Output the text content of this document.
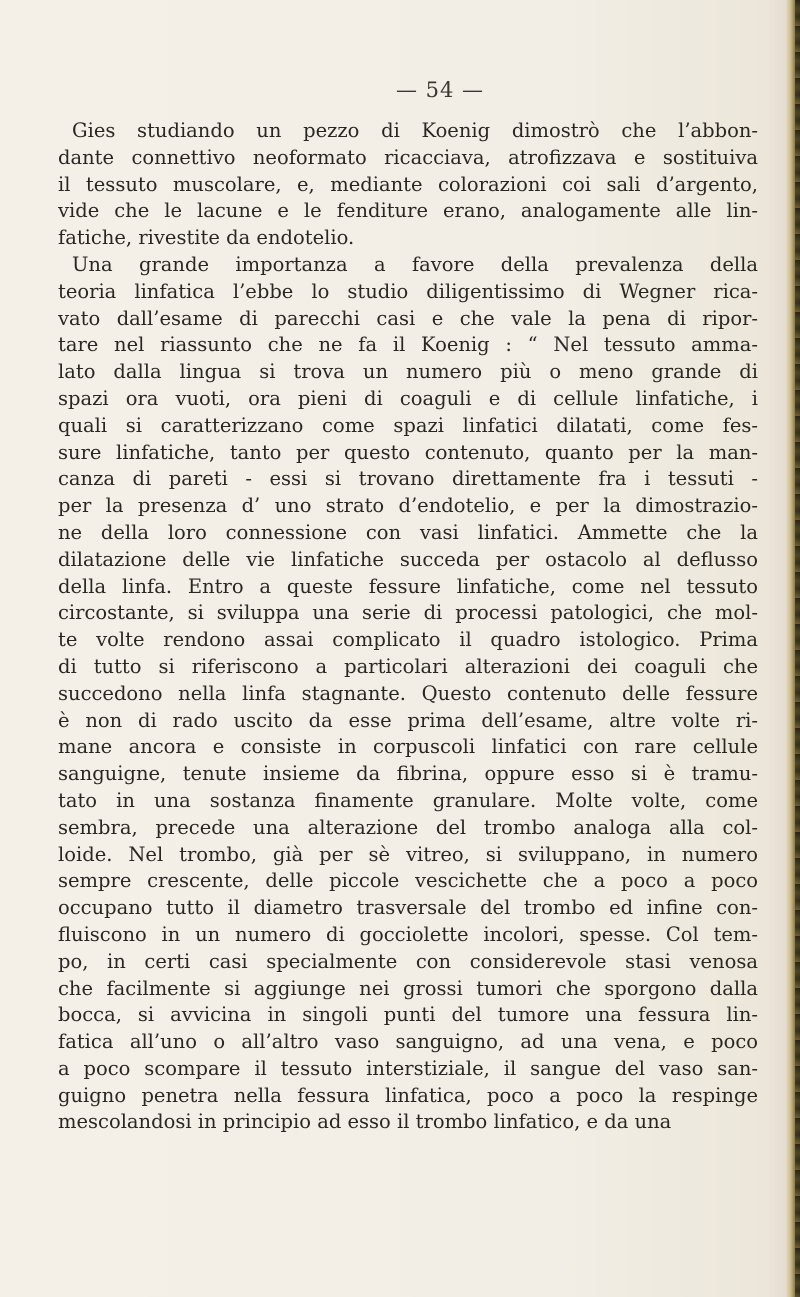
— 54 —
Gies studiando un pezzo di Koenig dimostrò che l’abbon-
dante connettivo neoformato ricacciava, atrofizzava e sostituiva
il tessuto muscolare, e, mediante colorazioni coi sali d’argento,
vide che le lacune e le fenditure erano, analogamente alle lin-
fatiche, rivestite da endotelio.
Una grande importanza a favore della prevalenza della
teoria linfatica l’ebbe lo studio diligentissimo di Wegner rica-
vato dall’esame di parecchi casi e che vale la pena di ripor-
tare nel riassunto che ne fa il Koenig : “ Nel tessuto amma-
lato dalla lingua si trova un numero più o meno grande di
spazi ora vuoti, ora pieni di coaguli e di cellule linfatiche, i
quali si caratterizzano come spazi linfatici dilatati, come fes-
sure linfatiche, tanto per questo contenuto, quanto per la man-
canza di pareti - essi si trovano direttamente fra i tessuti -
per la presenza d’ uno strato d’endotelio, e per la dimostrazio-
ne della loro connessione con vasi linfatici. Ammette che la
dilatazione delle vie linfatiche succeda per ostacolo al deflusso
della linfa. Entro a queste fessure linfatiche, come nel tessuto
circostante, si sviluppa una serie di processi patologici, che mol-
te volte rendono assai complicato il quadro istologico. Prima
di tutto si riferiscono a particolari alterazioni dei coaguli che
succedono nella linfa stagnante. Questo contenuto delle fessure
è non di rado uscito da esse prima dell’esame, altre volte ri-
mane ancora e consiste in corpuscoli linfatici con rare cellule
sanguigne, tenute insieme da fibrina, oppure esso si è tramu-
tato in una sostanza finamente granulare. Molte volte, come
sembra, precede una alterazione del trombo analoga alla col-
loide. Nel trombo, già per sè vitreo, si sviluppano, in numero
sempre crescente, delle piccole vescichette che a poco a poco
occupano tutto il diametro trasversale del trombo ed infine con-
fluiscono in un numero di gocciolette incolori, spesse. Col tem-
po, in certi casi specialmente con considerevole stasi venosa
che facilmente si aggiunge nei grossi tumori che sporgono dalla
bocca, si avvicina in singoli punti del tumore una fessura lin-
fatica all’uno o all’altro vaso sanguigno, ad una vena, e poco
a poco scompare il tessuto interstiziale, il sangue del vaso san-
guigno penetra nella fessura linfatica, poco a poco la respinge
mescolandosi in principio ad esso il trombo linfatico, e da una
